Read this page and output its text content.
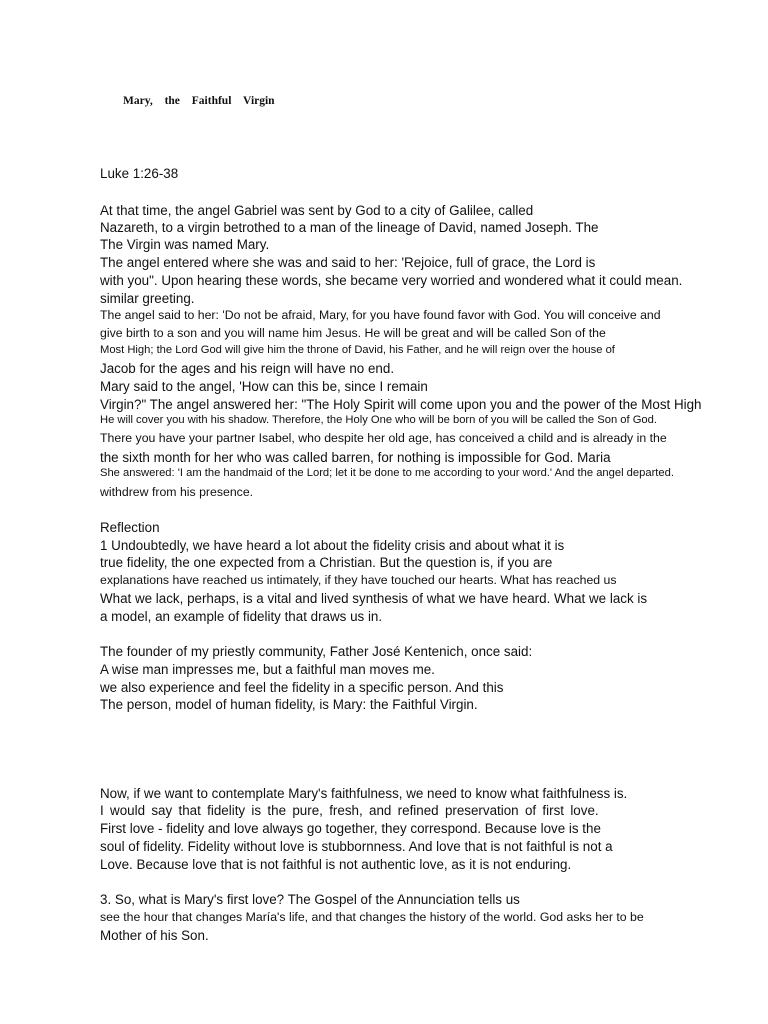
Mary, the Faithful Virgin
Luke 1:26-38
At that time, the angel Gabriel was sent by God to a city of Galilee, called
Nazareth, to a virgin betrothed to a man of the lineage of David, named Joseph. The
The Virgin was named Mary.
The angel entered where she was and said to her: 'Rejoice, full of grace, the Lord is
with you". Upon hearing these words, she became very worried and wondered what it could mean.
similar greeting.
The angel said to her: 'Do not be afraid, Mary, for you have found favor with God. You will conceive and
give birth to a son and you will name him Jesus. He will be great and will be called Son of the
Most High; the Lord God will give him the throne of David, his Father, and he will reign over the house of
Jacob for the ages and his reign will have no end.
Mary said to the angel, 'How can this be, since I remain
Virgin?" The angel answered her: "The Holy Spirit will come upon you and the power of the Most High
He will cover you with his shadow. Therefore, the Holy One who will be born of you will be called the Son of God.
There you have your partner Isabel, who despite her old age, has conceived a child and is already in the
the sixth month for her who was called barren, for nothing is impossible for God. Maria
She answered: 'I am the handmaid of the Lord; let it be done to me according to your word.' And the angel departed.
withdrew from his presence.
Reflection
1 Undoubtedly, we have heard a lot about the fidelity crisis and about what it is
true fidelity, the one expected from a Christian. But the question is, if you are
explanations have reached us intimately, if they have touched our hearts. What has reached us
What we lack, perhaps, is a vital and lived synthesis of what we have heard. What we lack is
a model, an example of fidelity that draws us in.
The founder of my priestly community, Father José Kentenich, once said:
A wise man impresses me, but a faithful man moves me.
we also experience and feel the fidelity in a specific person. And this
The person, model of human fidelity, is Mary: the Faithful Virgin.
Now, if we want to contemplate Mary's faithfulness, we need to know what faithfulness is.
I would say that fidelity is the pure, fresh, and refined preservation of first love.
First love - fidelity and love always go together, they correspond. Because love is the
soul of fidelity. Fidelity without love is stubbornness. And love that is not faithful is not a
Love. Because love that is not faithful is not authentic love, as it is not enduring.
3. So, what is Mary's first love? The Gospel of the Annunciation tells us
see the hour that changes María's life, and that changes the history of the world. God asks her to be
Mother of his Son.
